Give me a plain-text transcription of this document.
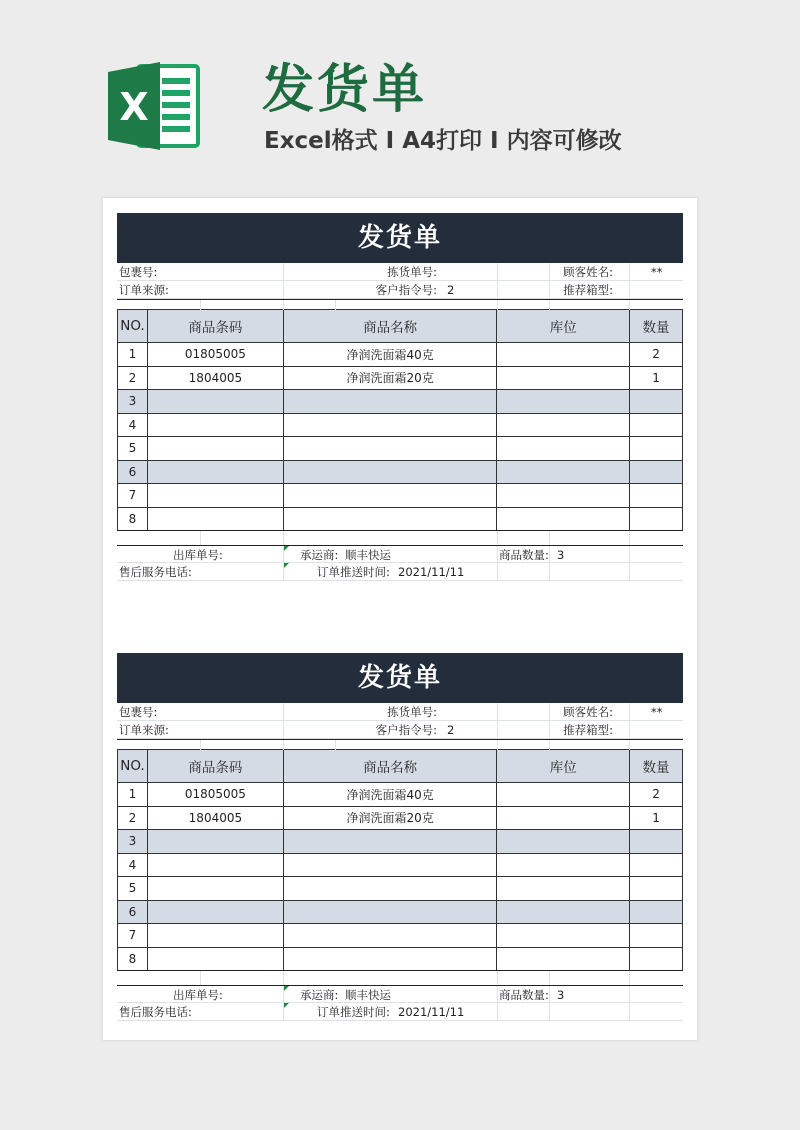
X 发货单
Excel格式 I A4打印 I 内容可修改
发货单
包裹号:	拣货单号:	顾客姓名:	**
订单来源:	客户指令号: 2	推荐箱型:
NO.	商品条码	商品名称	库位	数量
1	01805005	净润洗面霜40克		2
2	1804005	净润洗面霜20克		1
3				
4				
5				
6				
7				
8				
出库单号:	承运商: 顺丰快运	商品数量: 3
售后服务电话:	订单推送时间: 2021/11/11
发货单
包裹号:	拣货单号:	顾客姓名:	**
订单来源:	客户指令号: 2	推荐箱型:
NO.	商品条码	商品名称	库位	数量
1	01805005	净润洗面霜40克		2
2	1804005	净润洗面霜20克		1
3				
4				
5				
6				
7				
8				
出库单号:	承运商: 顺丰快运	商品数量: 3
售后服务电话:	订单推送时间: 2021/11/11
